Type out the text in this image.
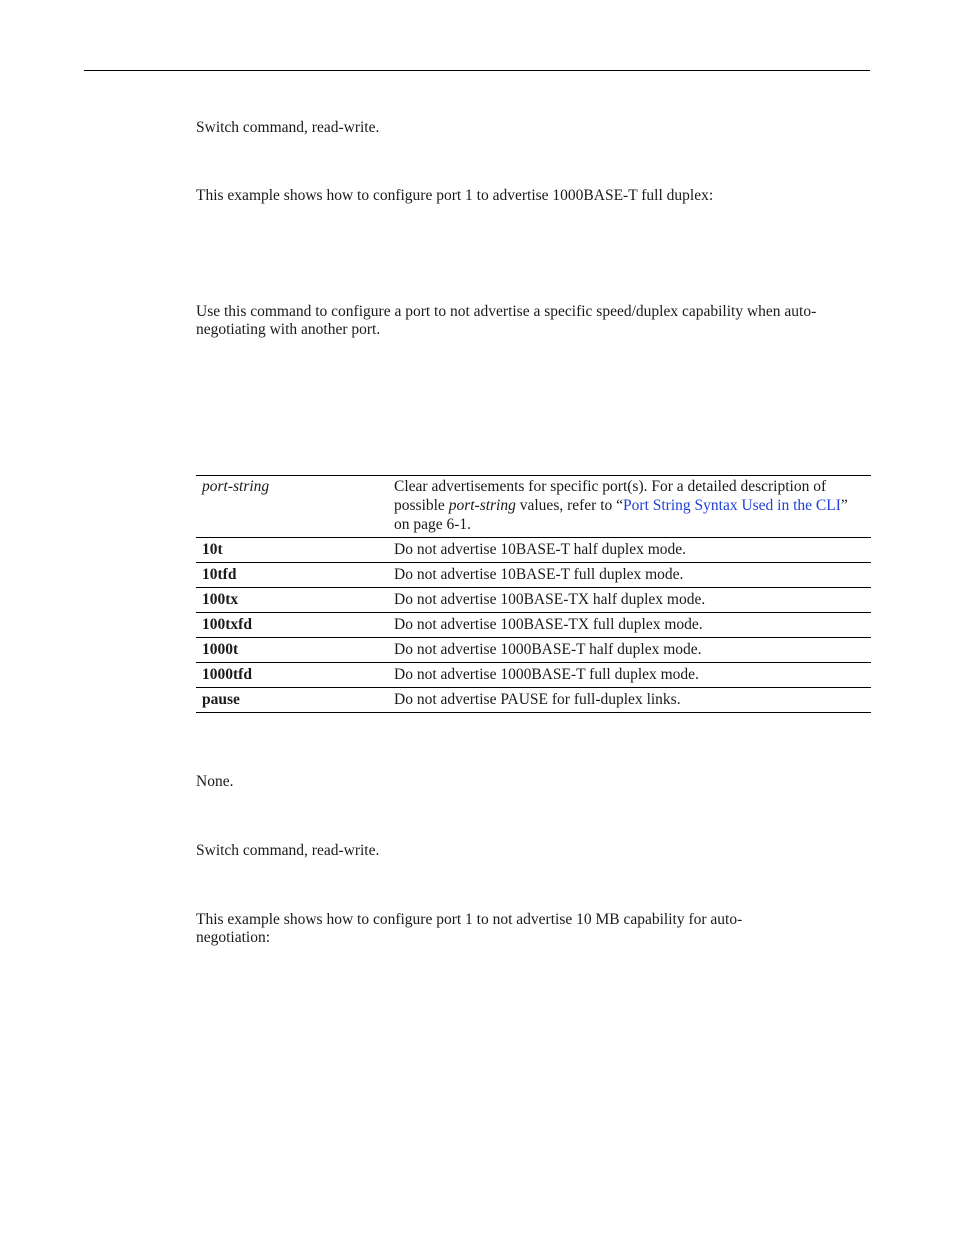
Switch command, read-write.

This example shows how to configure port 1 to advertise 1000BASE-T full duplex:

Use this command to configure a port to not advertise a specific speed/duplex capability when auto-negotiating with another port.

port-string	Clear advertisements for specific port(s). For a detailed description of possible port-string values, refer to “Port String Syntax Used in the CLI” on page 6-1.
10t	Do not advertise 10BASE-T half duplex mode.
10tfd	Do not advertise 10BASE-T full duplex mode.
100tx	Do not advertise 100BASE-TX half duplex mode.
100txfd	Do not advertise 100BASE-TX full duplex mode.
1000t	Do not advertise 1000BASE-T half duplex mode.
1000tfd	Do not advertise 1000BASE-T full duplex mode.
pause	Do not advertise PAUSE for full-duplex links.

None.

Switch command, read-write.

This example shows how to configure port 1 to not advertise 10 MB capability for auto-negotiation:
